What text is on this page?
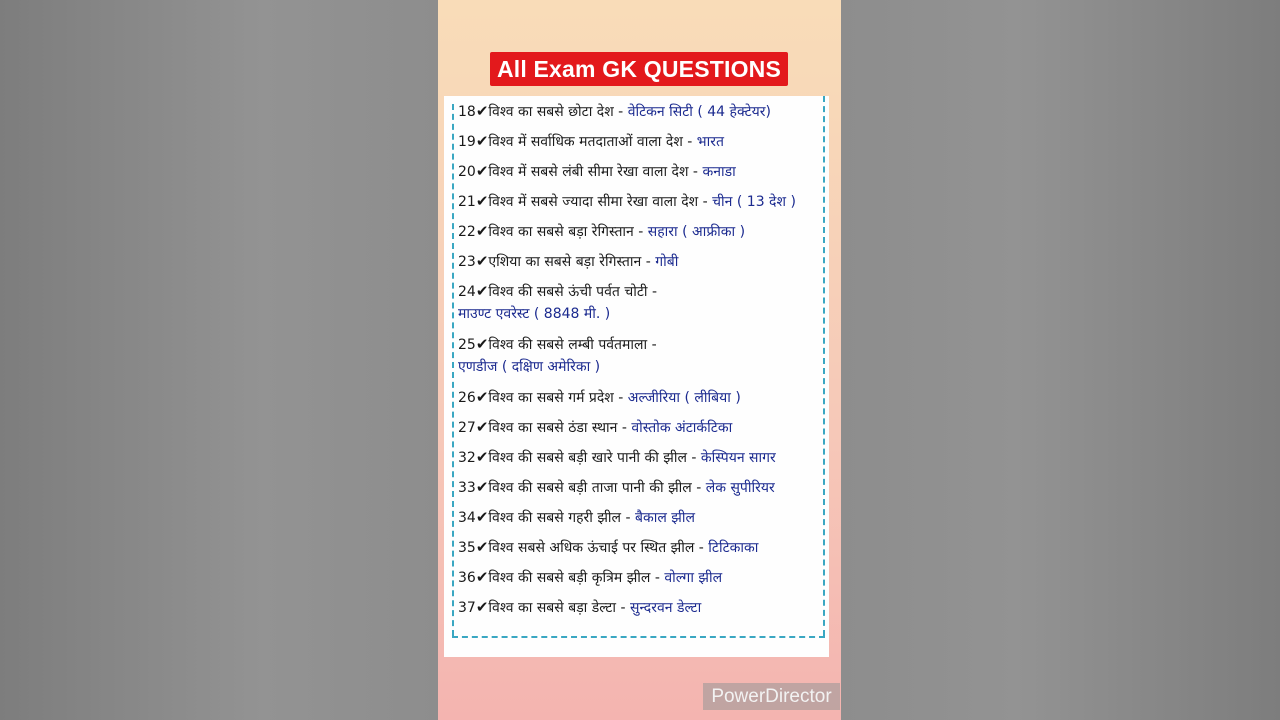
All Exam GK QUESTIONS
18✔विश्व का सबसे छोटा देश - वेटिकन सिटी ( 44 हेक्टेयर)
19✔विश्व में सर्वाधिक मतदाताओं वाला देश - भारत
20✔विश्व में सबसे लंबी सीमा रेखा वाला देश - कनाडा
21✔विश्व में सबसे ज्यादा सीमा रेखा वाला देश - चीन ( 13 देश )
22✔विश्व का सबसे बड़ा रेगिस्तान - सहारा ( आफ्रीका )
23✔एशिया का सबसे बड़ा रेगिस्तान - गोबी
24✔विश्व की सबसे ऊंची पर्वत चोटी -
माउण्ट एवरेस्ट ( 8848 मी. )
25✔विश्व की सबसे लम्बी पर्वतमाला -
एणडीज ( दक्षिण अमेरिका )
26✔विश्व का सबसे गर्म प्रदेश - अल्जीरिया ( लीबिया )
27✔विश्व का सबसे ठंडा स्थान - वोस्तोक अंटार्कटिका
32✔विश्व की सबसे बड़ी खारे पानी की झील - केस्पियन सागर
33✔विश्व की सबसे बड़ी ताजा पानी की झील - लेक सुपीरियर
34✔विश्व की सबसे गहरी झील - बैकाल झील
35✔विश्व सबसे अधिक ऊंचाई पर स्थित झील - टिटिकाका
36✔विश्व की सबसे बड़ी कृत्रिम झील - वोल्गा झील
37✔विश्व का सबसे बड़ा डेल्टा - सुन्दरवन डेल्टा
PowerDirector
